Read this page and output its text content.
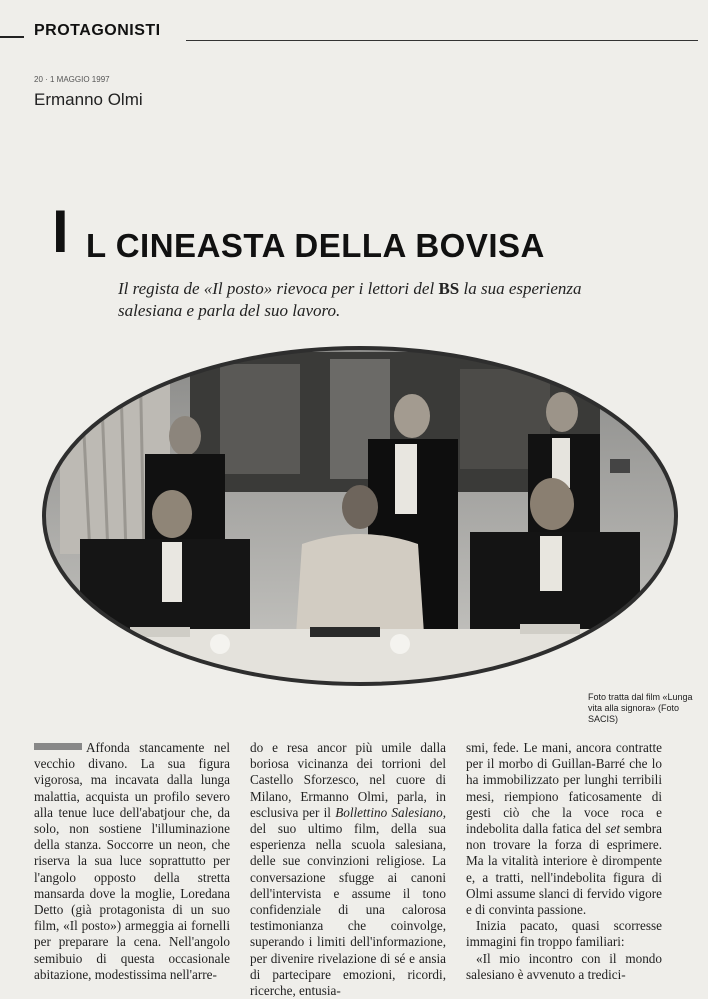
PROTAGONISTI
20 · 1 MAGGIO 1997
Ermanno Olmi
I L CINEASTA DELLA BOVISA
Il regista de «Il posto» rievoca per i lettori del BS la sua esperienza salesiana e parla del suo lavoro.
Foto tratta dal film «Lunga vita alla signora» (Foto SACIS)

Affonda stancamente nel vecchio divano. La sua figura vigorosa, ma incavata dalla lunga malattia, acquista un profilo severo alla tenue luce dell'abatjour che, da solo, non sostiene l'illuminazione della stanza. Soccorre un neon, che riserva la sua luce soprattutto per l'angolo opposto della stretta mansarda dove la moglie, Loredana Detto (già protagonista di un suo film, «Il posto») armeggia ai fornelli per preparare la cena. Nell'angolo semibuio di questa occasionale abitazione, modestissima nell'arre-

do e resa ancor più umile dalla boriosa vicinanza dei torrioni del Castello Sforzesco, nel cuore di Milano, Ermanno Olmi, parla, in esclusiva per il Bollettino Salesiano, del suo ultimo film, della sua esperienza nella scuola salesiana, delle sue convinzioni religiose. La conversazione sfugge ai canoni dell'intervista e assume il tono confidenziale di una calorosa testimonianza che coinvolge, superando i limiti dell'informazione, per divenire rivelazione di sé e ansia di partecipare emozioni, ricordi, ricerche, entusia-

smi, fede. Le mani, ancora contratte per il morbo di Guillan-Barré che lo ha immobilizzato per lunghi terribili mesi, riempiono faticosamente di gesti ciò che la voce roca e indebolita dalla fatica del set sembra non trovare la forza di esprimere. Ma la vitalità interiore è dirompente e, a tratti, nell'indebolita figura di Olmi assume slanci di fervido vigore e di convinta passione.

Inizia pacato, quasi scorresse immagini fin troppo familiari:

«Il mio incontro con il mondo salesiano è avvenuto a tredici-
